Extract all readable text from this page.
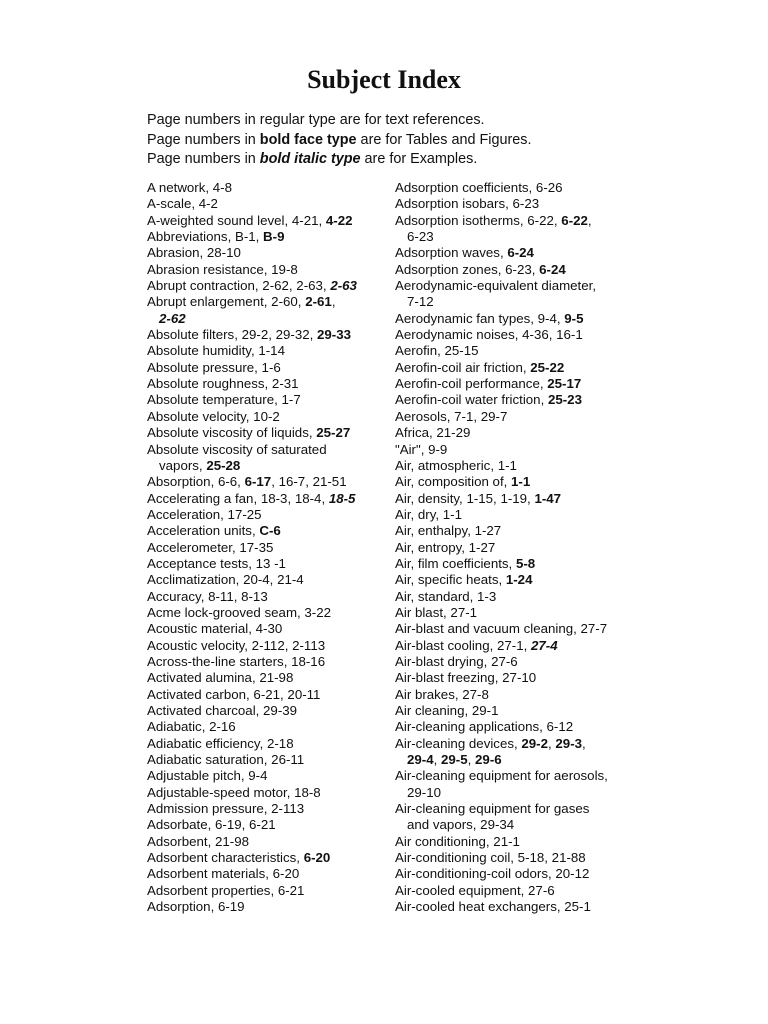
Subject Index

Page numbers in regular type are for text references.

Page numbers in bold face type are for Tables and Figures.

Page numbers in bold italic type are for Examples.

A network, 4-8
A-scale, 4-2
A-weighted sound level, 4-21, 4-22
Abbreviations, B-1, B-9
Abrasion, 28-10
Abrasion resistance, 19-8
Abrupt contraction, 2-62, 2-63, 2-63
Abrupt enlargement, 2-60, 2-61,
2-62
Absolute filters, 29-2, 29-32, 29-33
Absolute humidity, 1-14
Absolute pressure, 1-6
Absolute roughness, 2-31
Absolute temperature, 1-7
Absolute velocity, 10-2
Absolute viscosity of liquids, 25-27
Absolute viscosity of saturated
vapors, 25-28
Absorption, 6-6, 6-17, 16-7, 21-51
Accelerating a fan, 18-3, 18-4, 18-5
Acceleration, 17-25
Acceleration units, C-6
Accelerometer, 17-35
Acceptance tests, 13 -1
Acclimatization, 20-4, 21-4
Accuracy, 8-11, 8-13
Acme lock-grooved seam, 3-22
Acoustic material, 4-30
Acoustic velocity, 2-112, 2-113
Across-the-line starters, 18-16
Activated alumina, 21-98
Activated carbon, 6-21, 20-11
Activated charcoal, 29-39
Adiabatic, 2-16
Adiabatic efficiency, 2-18
Adiabatic saturation, 26-11
Adjustable pitch, 9-4
Adjustable-speed motor, 18-8
Admission pressure, 2-113
Adsorbate, 6-19, 6-21
Adsorbent, 21-98
Adsorbent characteristics, 6-20
Adsorbent materials, 6-20
Adsorbent properties, 6-21
Adsorption, 6-19
Adsorption coefficients, 6-26
Adsorption isobars, 6-23
Adsorption isotherms, 6-22, 6-22,
6-23
Adsorption waves, 6-24
Adsorption zones, 6-23, 6-24
Aerodynamic-equivalent diameter,
7-12
Aerodynamic fan types, 9-4, 9-5
Aerodynamic noises, 4-36, 16-1
Aerofin, 25-15
Aerofin-coil air friction, 25-22
Aerofin-coil performance, 25-17
Aerofin-coil water friction, 25-23
Aerosols, 7-1, 29-7
Africa, 21-29
"Air", 9-9
Air, atmospheric, 1-1
Air, composition of, 1-1
Air, density, 1-15, 1-19, 1-47
Air, dry, 1-1
Air, enthalpy, 1-27
Air, entropy, 1-27
Air, film coefficients, 5-8
Air, specific heats, 1-24
Air, standard, 1-3
Air blast, 27-1
Air-blast and vacuum cleaning, 27-7
Air-blast cooling, 27-1, 27-4
Air-blast drying, 27-6
Air-blast freezing, 27-10
Air brakes, 27-8
Air cleaning, 29-1
Air-cleaning applications, 6-12
Air-cleaning devices, 29-2, 29-3,
29-4, 29-5, 29-6
Air-cleaning equipment for aerosols,
29-10
Air-cleaning equipment for gases
and vapors, 29-34
Air conditioning, 21-1
Air-conditioning coil, 5-18, 21-88
Air-conditioning-coil odors, 20-12
Air-cooled equipment, 27-6
Air-cooled heat exchangers, 25-1
